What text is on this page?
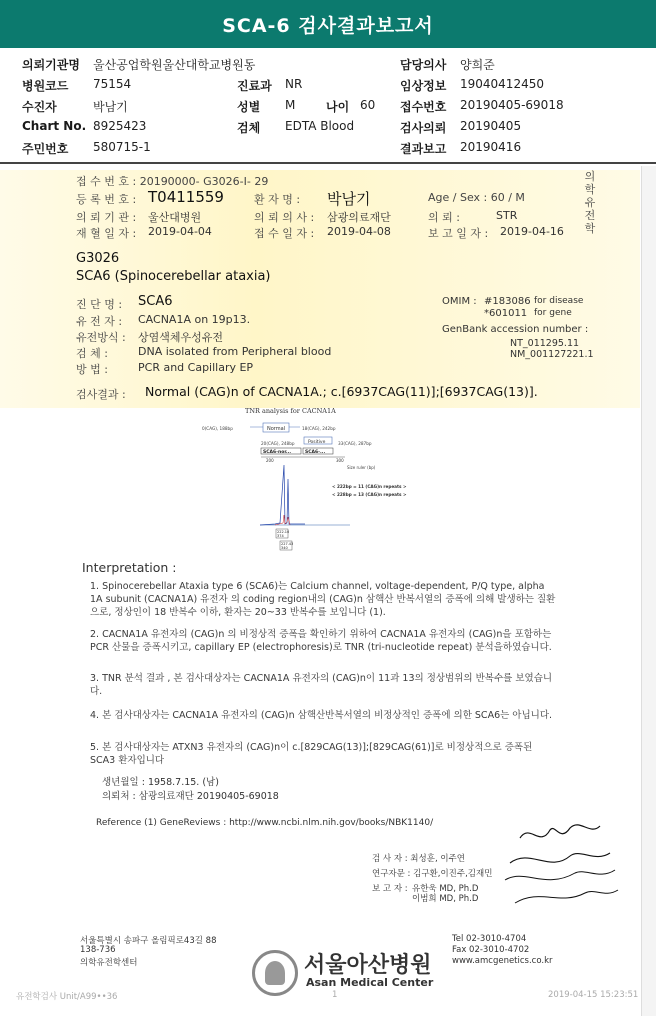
SCA-6 검사결과보고서
의뢰기관명 울산공업학원울산대학교병원동	담당의사 양희준
병원코드 75154	진료과 NR	임상정보 19040412450
수진자	박남기	성별 M	나이 60 접수번호 20190405-69018
Chart No. 8925423	검체 EDTA Blood	검사의뢰 20190405
주민번호 580715-1	결과보고 20190416
접 수 번 호 : 20190000- G3026-I- 29
등 록 번 호 : T0411559	환 자 명 : 박남기	Age / Sex : 60 / M
의 뢰 기 관 : 울산대병원	의 뢰 의 사 : 삼광의료재단	의 뢰 :	STR
재 혈 일 자 : 2019-04-04	접 수 일 자 : 2019-04-08	보 고 일 자 : 2019-04-16
의학유전학
G3026
SCA6 (Spinocerebellar ataxia)
진 단 명 : SCA6
유 전 자 : CACNA1A on 19p13.
유전방식 : 상염색체우성유전
검 체 :	DNA isolated from Peripheral blood
방 법 :	PCR and Capillary EP
OMIM : #183086 for disease
*601011 for gene
GenBank accession number :
NT_011295.11
NM_001127221.1
검사결과 : Normal (CAG)n of CACNA1A.; c.[6937CAG(11)];[6937CAG(13)].
TNR analysis for CACNA1A
0(CAG), 188bp	Normal	18(CAG), 242bp
20(CAG), 248bp	Positive	33(CAG), 287bp
SCA6-nor...	SCA6-...
200	300
Size ruler (bp)
< 222bp = 11 (CAG)n repeats >
< 228bp = 13 (CAG)n repeats >
222.10
374
227.43
340
Interpretation :
1. Spinocerebellar Ataxia type 6 (SCA6)는 Calcium channel, voltage-dependent, P/Q type, alpha 1A subunit (CACNA1A) 유전자 의 coding region내의 (CAG)n 삼핵산 반복서열의 증폭에 의해 발생하는 질환으로, 정상인이 18 반복수 이하, 환자는 20~33 반복수를 보입니다 (1).
2. CACNA1A 유전자의 (CAG)n 의 비정상적 증폭을 확인하기 위하여 CACNA1A 유전자의 (CAG)n을 포함하는 PCR 산물을 증폭시키고, capillary EP (electrophoresis)로 TNR (tri-nucleotide repeat) 분석을하였습니다.
3. TNR 분석 결과 , 본 검사대상자는 CACNA1A 유전자의 (CAG)n이 11과 13의 정상범위의 반복수를 보였습니다.
4. 본 검사대상자는 CACNA1A 유전자의 (CAG)n 삼핵산반복서열의 비정상적인 증폭에 의한 SCA6는 아닙니다.
5. 본 검사대상자는 ATXN3 유전자의 (CAG)n이 c.[829CAG(13)];[829CAG(61)]로 비정상적으로 증폭된 SCA3 환자입니다
생년월일 : 1958.7.15. (남)
의뢰처 : 삼광의료재단 20190405-69018
Reference (1) GeneReviews : http://www.ncbi.nlm.nih.gov/books/NBK1140/
검 사 자 : 최성훈, 이주연
연구자문 : 김구환,이진주,김재민
보 고 자 : 유한욱 MD, Ph.D
이범희 MD, Ph.D
서울특별시 송파구 올림픽로43길 88
138-736
의학유전학센터	서울아산병원
Asan Medical Center
Tel 02-3010-4704
Fax 02-3010-4702
www.amcgenetics.co.kr
유전학검사 Unit/A99••36	1	2019-04-15 15:23:51
